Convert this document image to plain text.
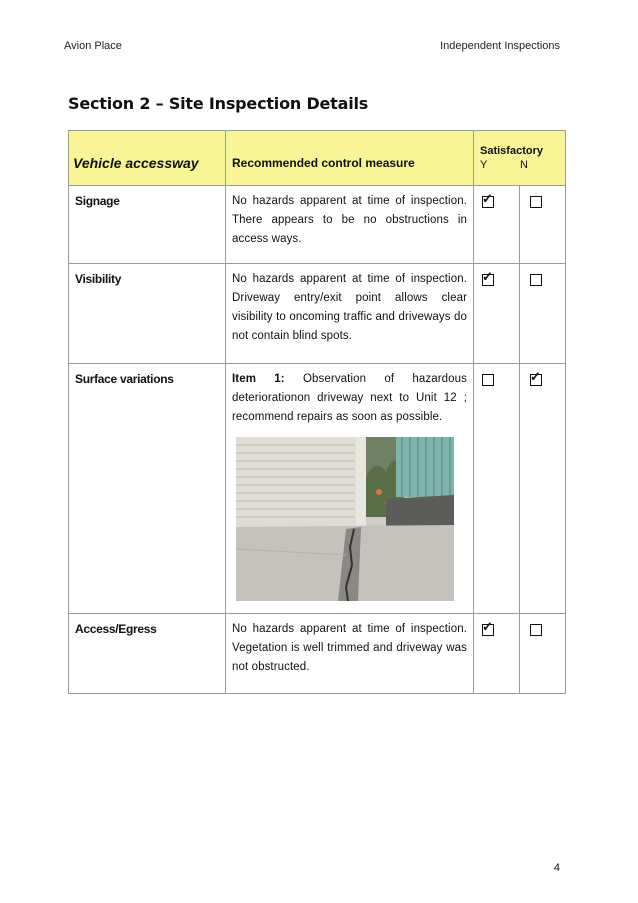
Avion Place	Independent Inspections
Section 2 – Site Inspection Details
Vehicle accessway	Recommended control measure	Satisfactory
Y N	

Signage	No hazards apparent at time of inspection. There appears to be no obstructions in access ways.	✓	

Visibility	No hazards apparent at time of inspection. Driveway entry/exit point allows clear visibility to oncoming traffic and driveways do not contain blind spots.	✓	

Surface variations	Item 1: Observation of hazardous deteriorationon driveway next to Unit 12 ; recommend repairs as soon as possible.		✓

Access/Egress	No hazards apparent at time of inspection. Vegetation is well trimmed and driveway was not obstructed.	✓	

4
